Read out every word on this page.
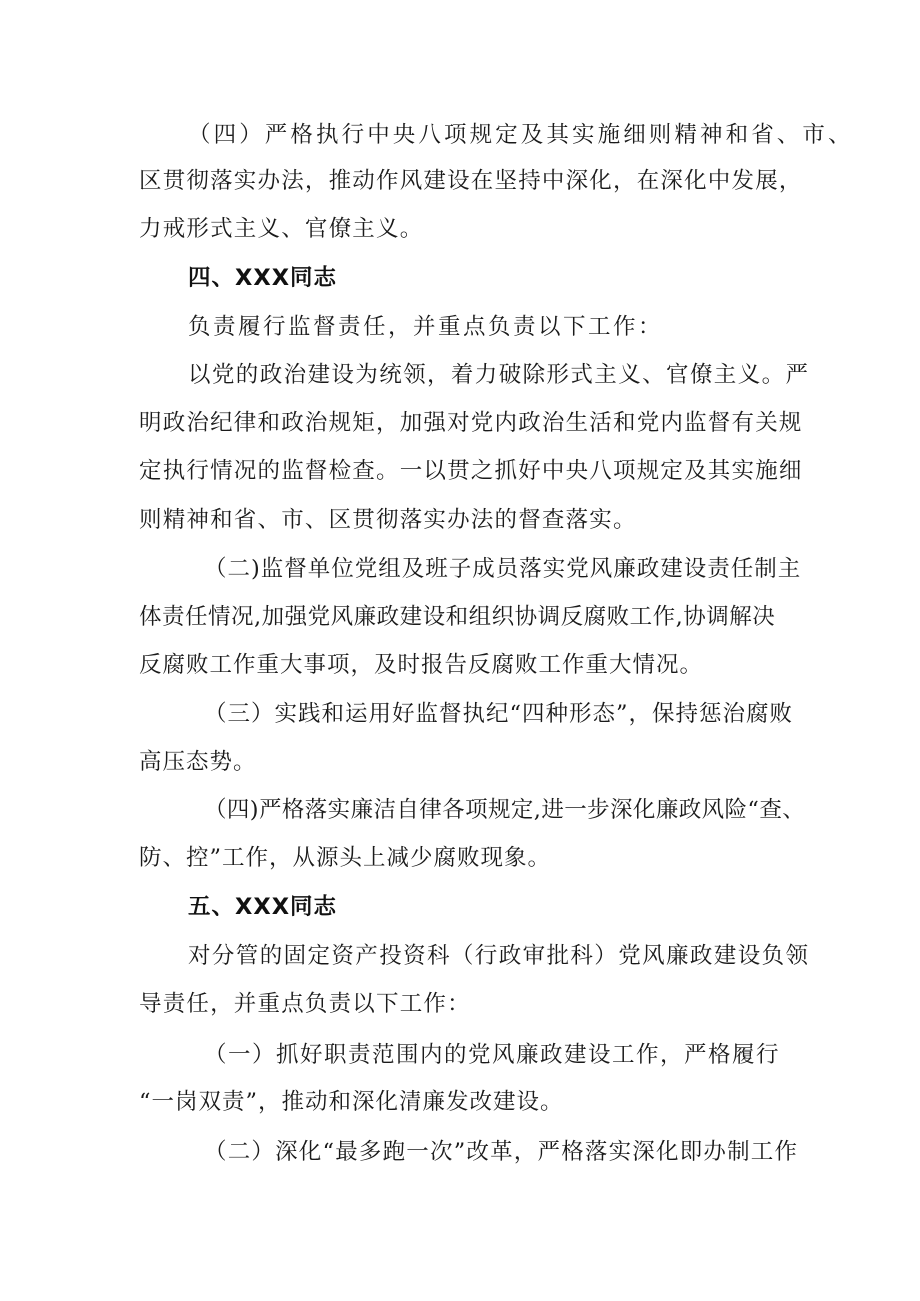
（四）严格执行中央八项规定及其实施细则精神和省、市、
区贯彻落实办法，推动作风建设在坚持中深化，在深化中发展，
力戒形式主义、官僚主义。
四、XXX同志
负责履行监督责任，并重点负责以下工作：
以党的政治建设为统领，着力破除形式主义、官僚主义。严
明政治纪律和政治规矩，加强对党内政治生活和党内监督有关规
定执行情况的监督检查。一以贯之抓好中央八项规定及其实施细
则精神和省、市、区贯彻落实办法的督查落实。
（二)监督单位党组及班子成员落实党风廉政建设责任制主
体责任情况,加强党风廉政建设和组织协调反腐败工作,协调解决
反腐败工作重大事项，及时报告反腐败工作重大情况。
（三）实践和运用好监督执纪“四种形态”，保持惩治腐败
高压态势。
（四)严格落实廉洁自律各项规定,进一步深化廉政风险“查、
防、控”工作，从源头上减少腐败现象。
五、XXX同志
对分管的固定资产投资科（行政审批科）党风廉政建设负领
导责任，并重点负责以下工作：
（一）抓好职责范围内的党风廉政建设工作，严格履行
“一岗双责”，推动和深化清廉发改建设。
（二）深化“最多跑一次”改革，严格落实深化即办制工作
